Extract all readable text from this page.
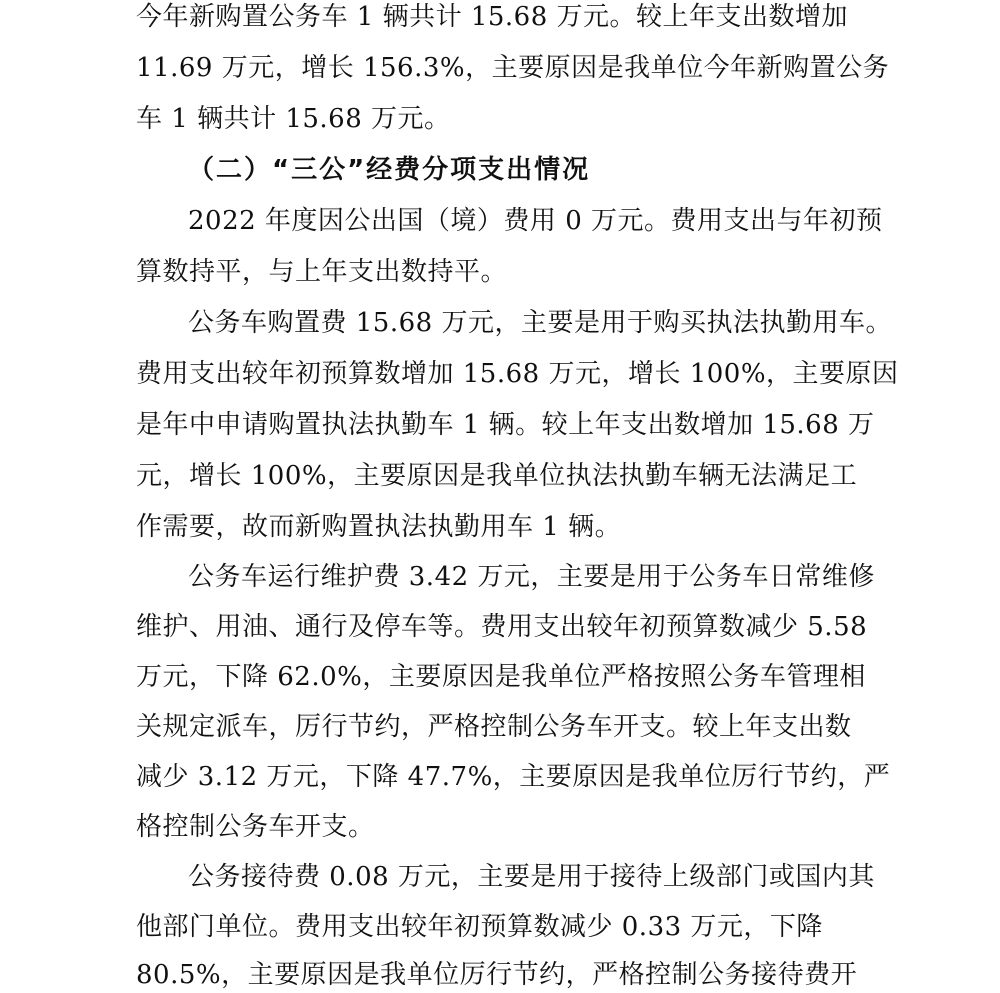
今年新购置公务车 1 辆共计 15.68 万元。较上年支出数增加
11.69 万元，增长 156.3%，主要原因是我单位今年新购置公务
车 1 辆共计 15.68 万元。
（二）“三公”经费分项支出情况
2022 年度因公出国（境）费用 0 万元。费用支出与年初预
算数持平，与上年支出数持平。
公务车购置费 15.68 万元，主要是用于购买执法执勤用车。
费用支出较年初预算数增加 15.68 万元，增长 100%，主要原因
是年中申请购置执法执勤车 1 辆。较上年支出数增加 15.68 万
元，增长 100%，主要原因是我单位执法执勤车辆无法满足工
作需要，故而新购置执法执勤用车 1 辆。
公务车运行维护费 3.42 万元，主要是用于公务车日常维修
维护、用油、通行及停车等。费用支出较年初预算数减少 5.58
万元，下降 62.0%，主要原因是我单位严格按照公务车管理相
关规定派车，厉行节约，严格控制公务车开支。较上年支出数
减少 3.12 万元，下降 47.7%，主要原因是我单位厉行节约，严
格控制公务车开支。
公务接待费 0.08 万元，主要是用于接待上级部门或国内其
他部门单位。费用支出较年初预算数减少 0.33 万元，下降
80.5%，主要原因是我单位厉行节约，严格控制公务接待费开
